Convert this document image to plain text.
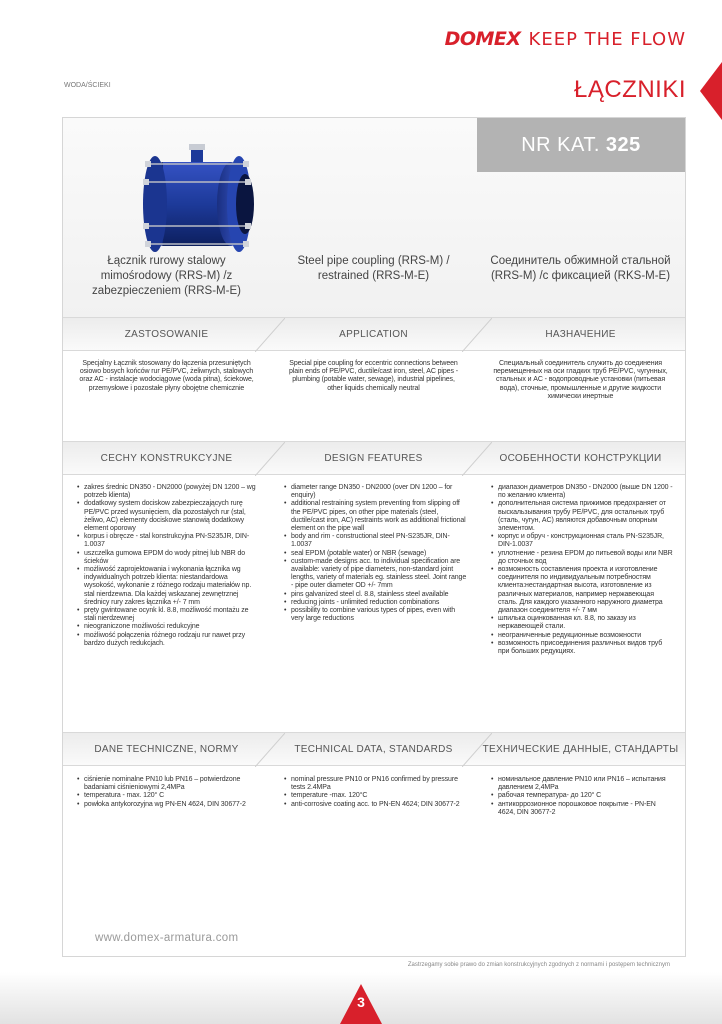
DOMEX KEEP THE FLOW
WODA/ŚCIEKI	ŁĄCZNIKI
NR KAT. 325
Łącznik rurowy stalowy mimośrodowy (RRS-M) /z zabezpieczeniem (RRS-M-E)
Steel pipe coupling (RRS-M) / restrained (RRS-M-E)
Соединитель обжимной стальной (RRS-M) /с фиксацией (RKS-M-E)
ZASTOSOWANIE	APPLICATION	НАЗНАЧЕНИЕ
Specjalny Łącznik stosowany do łączenia przesuniętych osiowo bosych końców rur PE/PVC, żeliwnych, stalowych oraz AC - instalacje wodociągowe (woda pitna), ściekowe, przemysłowe i pozostałe płyny obojętne chemicznie
Special pipe coupling for eccentric connections between plain ends of PE/PVC, ductile/cast iron, steel, AC pipes - plumbing (potable water, sewage), industrial pipelines, other liquids chemically neutral
Специальный соединитель служить до соединения перемещенных на оси гладких труб PE/PVC, чугунных, стальных и AC - водопроводные установки (питьевая вода), сточные, промышленные и другие жидкости химически инертные
CECHY KONSTRUKCYJNE	DESIGN FEATURES	ОСОБЕННОСТИ КОНСТРУКЦИИ
• zakres średnic DN350 - DN2000 (powyżej DN 1200 – wg potrzeb klienta)
• dodatkowy system dociskow zabezpieczających rurę PE/PVC przed wysunięciem, dla pozostałych rur (stal, żeliwo, AC) elementy dociskowe stanowią dodatkowy element oporowy
• korpus i obręcze - stal konstrukcyjna PN-S235JR, DIN-1.0037
• uszczelka gumowa EPDM do wody pitnej lub NBR do ścieków
• możliwość zaprojektowania i wykonania łącznika wg indywidualnych potrzeb klienta: niestandardowa wysokość, wykonanie z różnego rodzaju materiałów np. stal nierdzewna. Dla każdej wskazanej zewnętrznej średnicy rury zakres łącznika +/- 7 mm
• pręty gwintowane ocynk kl. 8.8, możliwość montażu ze stali nierdzewnej
• nieograniczone możliwości redukcyjne
• możliwość połączenia różnego rodzaju rur nawet przy bardzo dużych redukcjach.
• diameter range DN350 - DN2000 (over DN 1200 – for enquiry)
• additional restraining system preventing from slipping off the PE/PVC pipes, on other pipe materials (steel, ductile/cast iron, AC) restraints work as additional frictional element on the pipe wall
• body and rim - constructional steel PN-S235JR, DIN-1.0037
• seal EPDM (potable water) or NBR (sewage)
• custom-made designs acc. to individual specification are available: variety of pipe diameters, non-standard joint lengths, variety of materials eg. stainless steel. Joint range - pipe outer diameter OD +/- 7mm
• pins galvanized steel cl. 8.8, stainless steel available
• reducing joints - unlimited reduction combinations
• possibility to combine various types of pipes, even with very large reductions
• диапазон диаметров DN350 - DN2000 (выше DN 1200 - по желанию клиента)
• дополнительная система прижимов предохраняет от выскальзывания трубу PE/PVC, для остальных труб (сталь, чугун, AC) являются добавочным опорным элементом.
• корпус и обруч - конструкционная сталь PN-S235JR, DIN-1.0037
• уплотнение - резина EPDM до питьевой воды или NBR до сточных вод
• возможность составления проекта и изготовление соединителя по индивидуальным потребностям клиента:нестандартная высота, изготовление из различных материалов, например нержавеющая сталь. Для каждого указанного наружного диаметра диапазон соединителя +/- 7 мм
• шпилька оцинкованная кл. 8.8, по заказу из нержавеющей стали.
• неограниченные редукционные возможности
• возможность присоединения различных видов труб при больших редукциях.
DANE TECHNICZNE, NORMY	TECHNICAL DATA, STANDARDS	ТЕХНИЧЕСКИЕ ДАННЫЕ, СТАНДАРТЫ
• ciśnienie nominalne PN10 lub PN16 – potwierdzone badaniami ciśnieniowymi 2,4MPa
• temperatura - max. 120° C
• powłoka antykorozyjna wg PN-EN 4624, DIN 30677-2
• nominal pressure PN10 or PN16 confirmed by pressure tests 2.4MPa
• temperature -max. 120°C
• anti-corrosive coating acc. to PN-EN 4624; DIN 30677-2
• номинальное давление PN10 или PN16 – испытания давлением 2,4MPa
• рабочая температура- до 120° C
• антикоррозионное порошковое покрытие - PN-EN 4624, DIN 30677-2
www.domex-armatura.com
Zastrzegamy sobie prawo do zmian konstrukcyjnych zgodnych z normami i postępem technicznym
3
